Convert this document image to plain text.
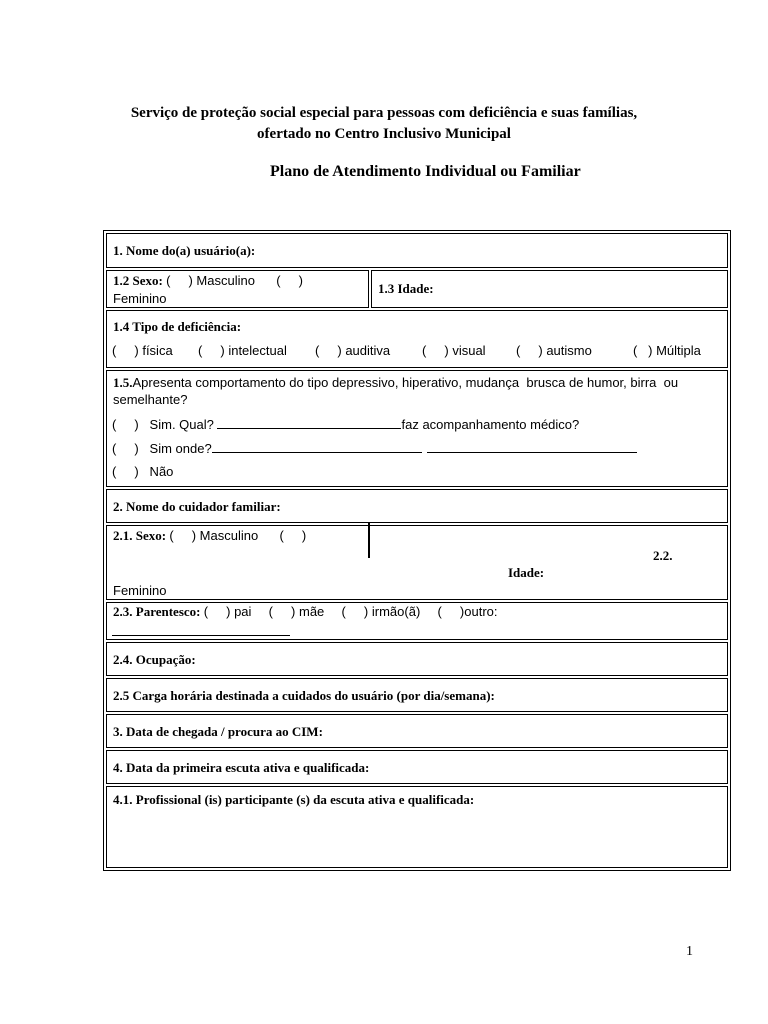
Serviço de proteção social especial para pessoas com deficiência e suas famílias,
ofertado no Centro Inclusivo Municipal
Plano de Atendimento Individual ou Familiar
1. Nome do(a) usuário(a):
1.2 Sexo: (     ) Masculino (     )
Feminino
1.3 Idade:
1.4 Tipo de deficiência:
(     ) física (     ) intelectual (     ) auditiva (     ) visual (     ) autismo	(   ) Múltipla
1.5.Apresenta comportamento do tipo depressivo, hiperativo, mudança  brusca de humor, birra  ou
semelhante?
(     )   Sim. Qual?	faz acompanhamento médico?
(     )   Sim onde?
(     )   Não
2. Nome do cuidador familiar:
2.1. Sexo: (     ) Masculino (     )
Feminino
2.2.
Idade:
2.3. Parentesco: (     ) pai (     ) mãe (     ) irmão(ã) (     )outro:
2.4. Ocupação:
2.5 Carga horária destinada a cuidados do usuário (por dia/semana):
3. Data de chegada / procura ao CIM:
4. Data da primeira escuta ativa e qualificada:
4.1. Profissional (is) participante (s) da escuta ativa e qualificada:
1
